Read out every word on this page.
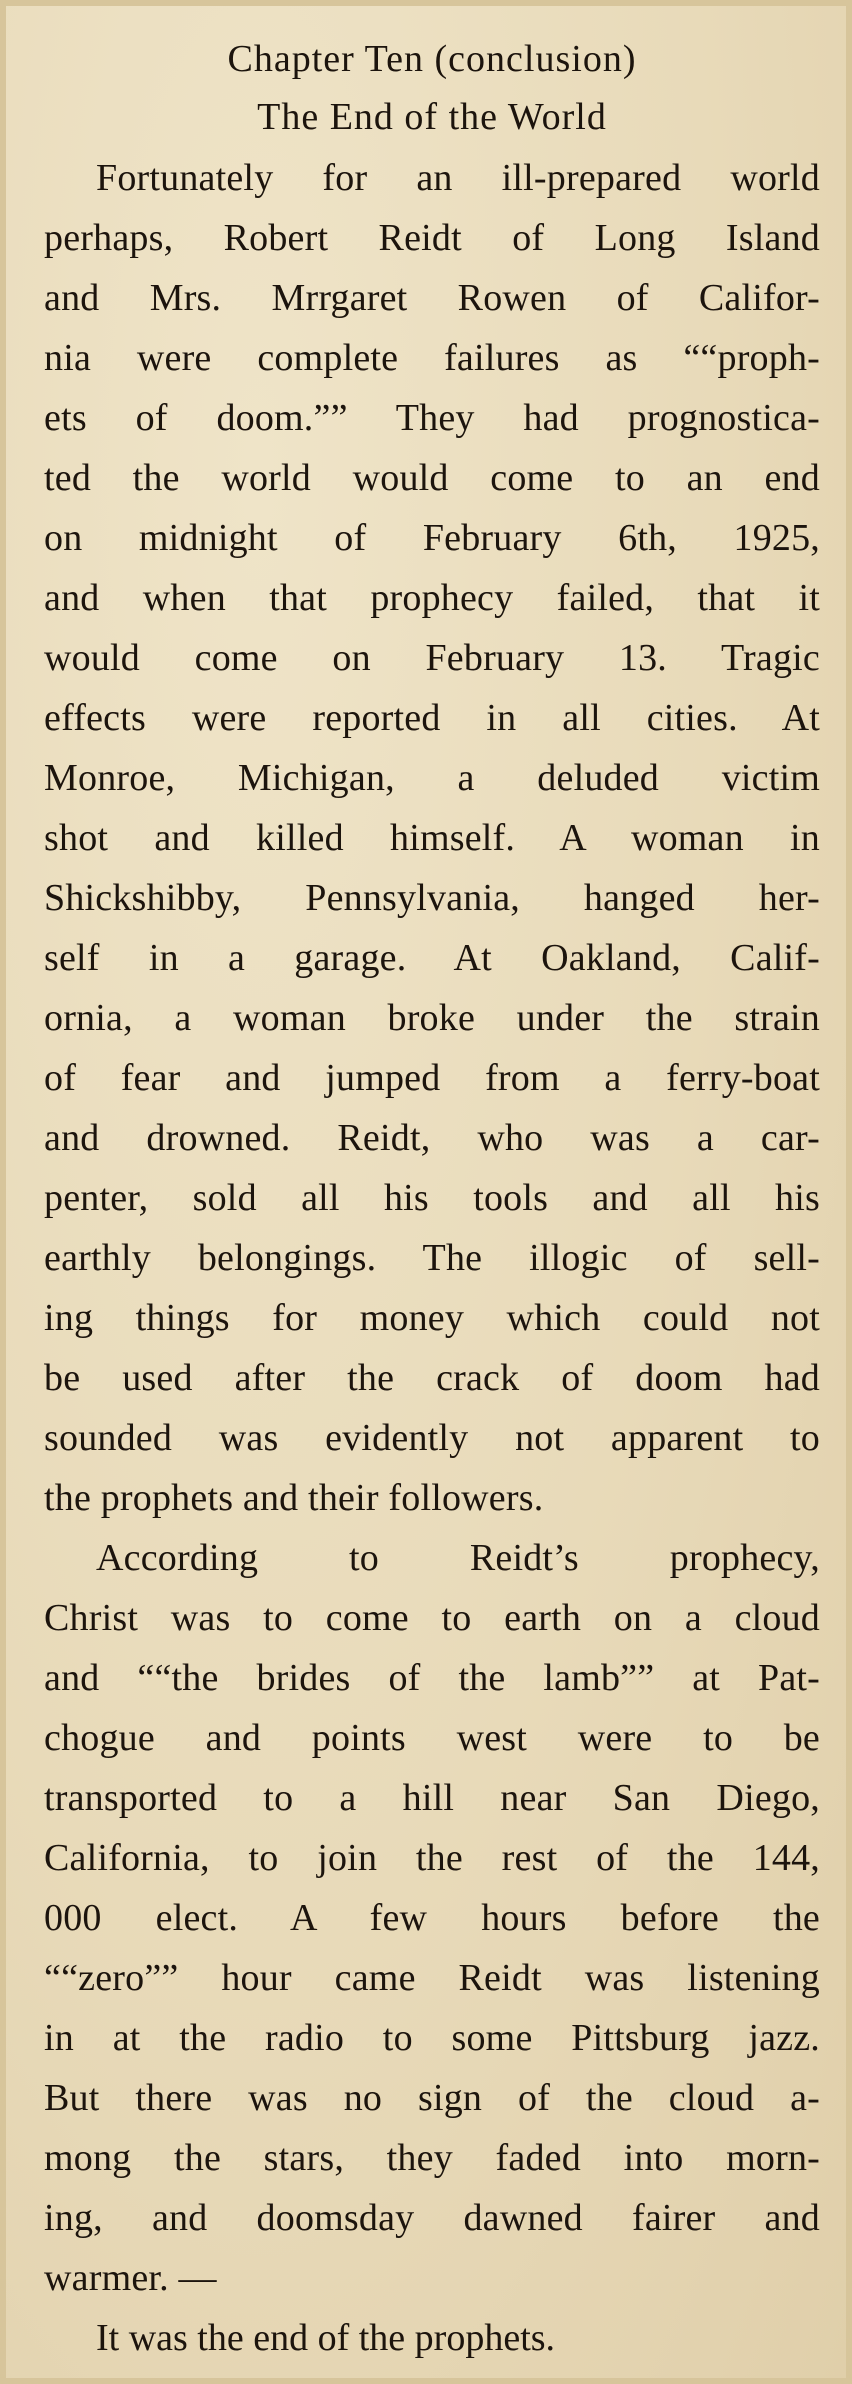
Chapter Ten (conclusion)
The End of the World
Fortunately for an ill-prepared world
perhaps, Robert Reidt of Long Island
and Mrs. Mrrgaret Rowen of Califor-
nia were complete failures as ““proph-
ets of doom.”” They had prognostica-
ted the world would come to an end
on midnight of February 6th, 1925,
and when that prophecy failed, that it
would come on February 13. Tragic
effects were reported in all cities. At
Monroe, Michigan, a deluded victim
shot and killed himself. A woman in
Shickshibby, Pennsylvania, hanged her-
self in a garage. At Oakland, Calif-
ornia, a woman broke under the strain
of fear and jumped from a ferry-boat
and drowned. Reidt, who was a car-
penter, sold all his tools and all his
earthly belongings. The illogic of sell-
ing things for money which could not
be used after the crack of doom had
sounded was evidently not apparent to
the prophets and their followers.
According to Reidt’s prophecy,
Christ was to come to earth on a cloud
and ““the brides of the lamb”” at Pat-
chogue and points west were to be
transported to a hill near San Diego,
California, to join the rest of the 144,
000 elect. A few hours before the
““zero”” hour came Reidt was listening
in at the radio to some Pittsburg jazz.
But there was no sign of the cloud a-
mong the stars, they faded into morn-
ing, and doomsday dawned fairer and
warmer. —
It was the end of the prophets.
